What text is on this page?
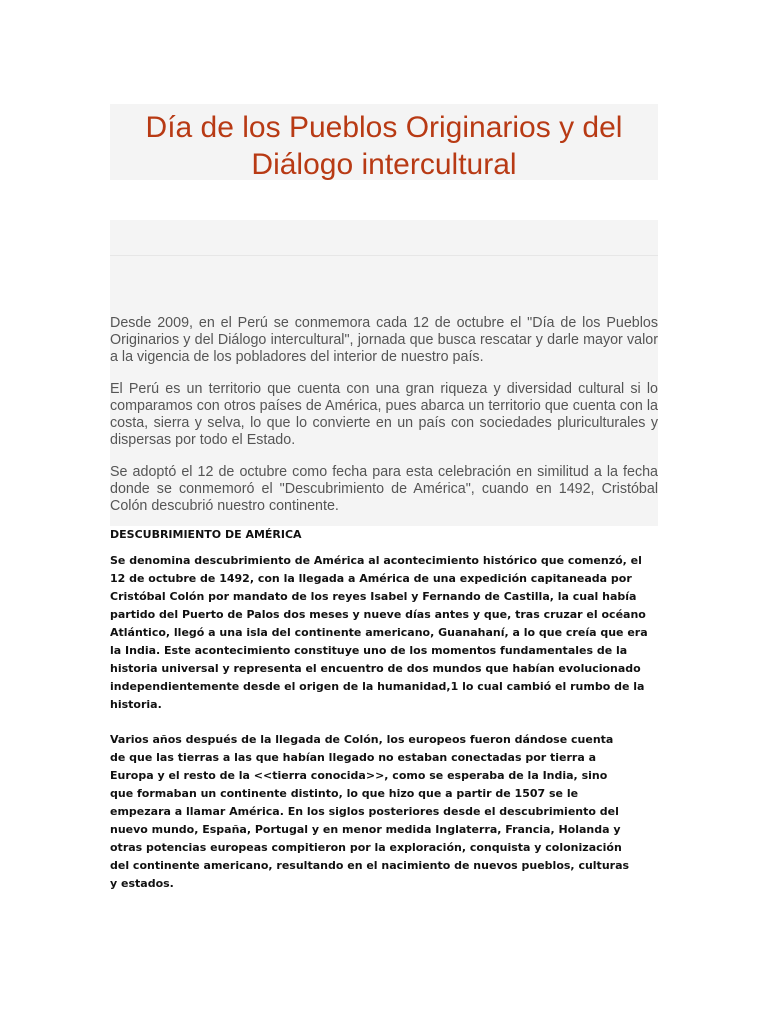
Día de los Pueblos Originarios y del Diálogo intercultural

Desde 2009, en el Perú se conmemora cada 12 de octubre el "Día de los Pueblos Originarios y del Diálogo intercultural", jornada que busca rescatar y darle mayor valor a la vigencia de los pobladores del interior de nuestro país.

El Perú es un territorio que cuenta con una gran riqueza y diversidad cultural si lo comparamos con otros países de América, pues abarca un territorio que cuenta con la costa, sierra y selva, lo que lo convierte en un país con sociedades pluriculturales y dispersas por todo el Estado.

Se adoptó el 12 de octubre como fecha para esta celebración en similitud a la fecha donde se conmemoró el "Descubrimiento de América", cuando en 1492, Cristóbal Colón descubrió nuestro continente.

DESCUBRIMIENTO DE AMÉRICA

Se denomina descubrimiento de América al acontecimiento histórico que comenzó, el 12 de octubre de 1492, con la llegada a América de una expedición capitaneada por Cristóbal Colón por mandato de los reyes Isabel y Fernando de Castilla, la cual había partido del Puerto de Palos dos meses y nueve días antes y que, tras cruzar el océano Atlántico, llegó a una isla del continente americano, Guanahaní, a lo que creía que era la India. Este acontecimiento constituye uno de los momentos fundamentales de la historia universal y representa el encuentro de dos mundos que habían evolucionado independientemente desde el origen de la humanidad,1 lo cual cambió el rumbo de la historia.

Varios años después de la llegada de Colón, los europeos fueron dándose cuenta de que las tierras a las que habían llegado no estaban conectadas por tierra a Europa y el resto de la <<tierra conocida>>, como se esperaba de la India, sino que formaban un continente distinto, lo que hizo que a partir de 1507 se le empezara a llamar América. En los siglos posteriores desde el descubrimiento del nuevo mundo, España, Portugal y en menor medida Inglaterra, Francia, Holanda y otras potencias europeas compitieron por la exploración, conquista y colonización del continente americano, resultando en el nacimiento de nuevos pueblos, culturas y estados.
